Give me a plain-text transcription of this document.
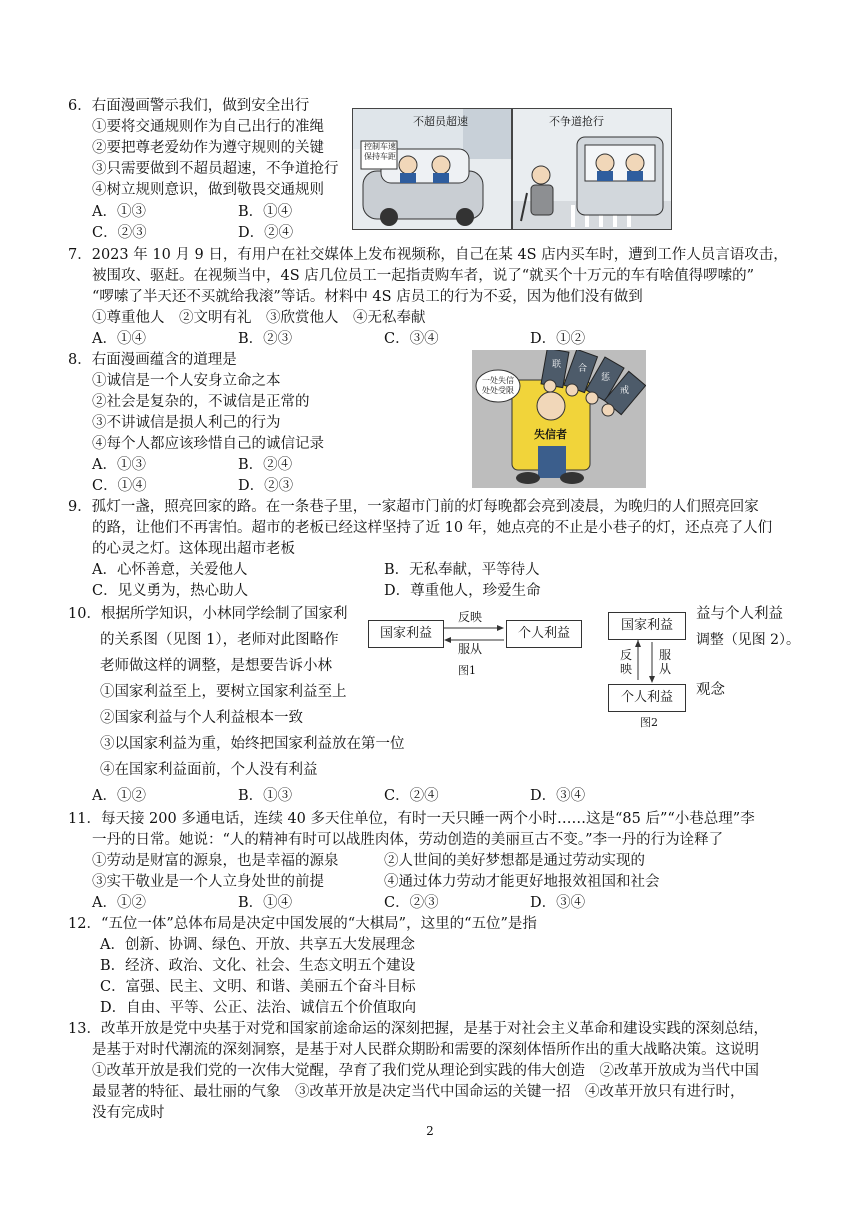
6．右面漫画警示我们，做到安全出行
①要将交通规则作为自己出行的准绳
②要把尊老爱幼作为遵守规则的关键
③只需要做到不超员超速，不争道抢行
④树立规则意识，做到敬畏交通规则
A．①③	B．①④
C．②③	D．②④
不超员超速
控制车速 保持车距
不争道抢行
7．2023 年 10 月 9 日，有用户在社交媒体上发布视频称，自己在某 4S 店内买车时，遭到工作人员言语攻击，
被围攻、驱赶。在视频当中，4S 店几位员工一起指责购车者，说了“就买个十万元的车有啥值得啰嗦的”
“啰嗦了半天还不买就给我滚”等话。材料中 4S 店员工的行为不妥，因为他们没有做到
①尊重他人　②文明有礼　③欣赏他人　④无私奉献
A．①④	B．②③	C．③④	D．①②
8．右面漫画蕴含的道理是
①诚信是一个人安身立命之本
②社会是复杂的，不诚信是正常的
③不讲诚信是损人利己的行为
④每个人都应该珍惜自己的诚信记录
A．①③	B．②④
C．①④	D．②③
一处失信 处处受限
失信者
联 合
惩
戒
9．孤灯一盏，照亮回家的路。在一条巷子里，一家超市门前的灯每晚都会亮到凌晨，为晚归的人们照亮回家
的路，让他们不再害怕。超市的老板已经这样坚持了近 10 年，她点亮的不止是小巷子的灯，还点亮了人们
的心灵之灯。这体现出超市老板
A．心怀善意，关爱他人	B．无私奉献，平等待人
C．见义勇为，热心助人	D．尊重他人，珍爱生命
10．根据所学知识，小林同学绘制了国家利	益与个人利益
的关系图（见图 1），老师对此图略作	调整（见图 2）。
老师做这样的调整，是想要告诉小林
观念
①国家利益至上，要树立国家利益至上
②国家利益与个人利益根本一致
③以国家利益为重，始终把国家利益放在第一位
④在国家利益面前，个人没有利益
A．①②	B．①③	C．②④	D．③④
国家利益	个人利益
反映
服从
图1
国家利益
个人利益
反映
服从
图2
11．每天接 200 多通电话，连续 40 多天住单位，有时一天只睡一两个小时……这是“85 后”“小巷总理”李
一丹的日常。她说：“人的精神有时可以战胜肉体，劳动创造的美丽亘古不变。”李一丹的行为诠释了
①劳动是财富的源泉，也是幸福的源泉	②人世间的美好梦想都是通过劳动实现的
③实干敬业是一个人立身处世的前提	④通过体力劳动才能更好地报效祖国和社会
A．①②	B．①④	C．②③	D．③④
12．“五位一体”总体布局是决定中国发展的“大棋局”，这里的“五位”是指
A．创新、协调、绿色、开放、共享五大发展理念
B．经济、政治、文化、社会、生态文明五个建设
C．富强、民主、文明、和谐、美丽五个奋斗目标
D．自由、平等、公正、法治、诚信五个价值取向
13．改革开放是党中央基于对党和国家前途命运的深刻把握，是基于对社会主义革命和建设实践的深刻总结，
是基于对时代潮流的深刻洞察，是基于对人民群众期盼和需要的深刻体悟所作出的重大战略决策。这说明
①改革开放是我们党的一次伟大觉醒，孕育了我们党从理论到实践的伟大创造　②改革开放成为当代中国
最显著的特征、最壮丽的气象　③改革开放是决定当代中国命运的关键一招　④改革开放只有进行时，
没有完成时
2
